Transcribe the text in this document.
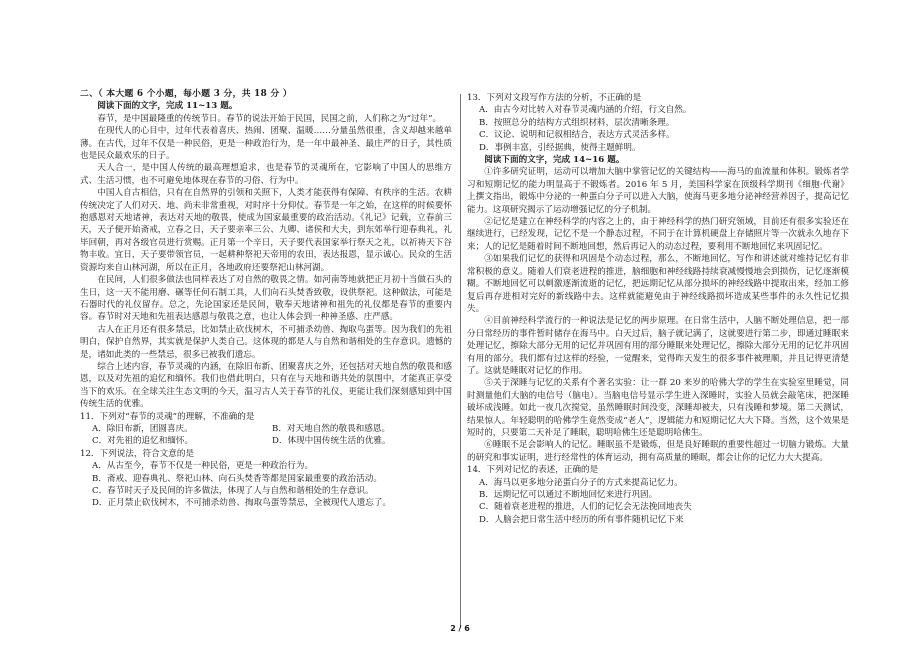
二、（ 本大题 6 个小题，每小题 3 分，共 18 分 ）

阅读下面的文字，完成 11~13 题。

春节，是中国最隆重的传统节日。春节的说法开始于民国，民国之前，人们称之为“过年”。

在现代人的心目中，过年代表着喜庆、热闹、团聚、温暖……分量虽然很重，含义却越来越单薄。在古代，过年不仅是一种民俗，更是一种政治行为，是一年中最神圣、最庄严的日子，其性质也是民众最欢乐的日子。

天人合一，是中国人传统的最高理想追求，也是春节的灵魂所在，它影响了中国人的思维方式、生活习惯，也不可避免地体现在春节的习俗、行为中。

中国人自古相信，只有在自然界的引领和关照下，人类才能获得有保障、有秩序的生活。农耕传统决定了人们对天、地、尚未非常重视，对时序十分仰仗。春节是一年之始，在这样的时候要怀抱感恩对天地诸神，表达对天地的敬畏，使成为国家最重要的政治活动。《礼记》记载，立春前三天，天子便开始斋戒，立春之日，天子要亲率三公、九卿、诸侯和大夫，到东郊举行迎春典礼，礼毕回朝，再对各级官员进行赏赐。正月第一个辛日，天子要代表国家举行祭天之礼，以祈祷天下谷物丰收。宜日，天子要带领官员，一起耕种祭祀天帝用的农田，表达报恩，显示诚心。民众的生活资源均来自山林河湖，所以在正月，各地政府还要祭祀山林河湖。

在民间，人们很多做法也同样表达了对自然的敬畏之情。如河南等地就把正月初十当做石头的生日，这一天不能用磨、碾等任何石制工具，人们向石头焚香致敬，设供祭祀。这种做法，可能是石器时代的礼仪留存。总之，先论国家还是民间，敬奉天地诸神和祖先的礼仪都是春节的重要内容。春节时对天地和先祖表达感恩与敬畏之意，也让人体会到一种神圣感、庄严感。

古人在正月还有很多禁忌，比如禁止砍伐树木，不可捕杀幼兽、掏取鸟蛋等。因为我们的先祖明白，保护自然界，其实就是保护人类自己。这体现的都是人与自然和谐相处的生存意识。遗憾的是，诸如此类的一些禁忌，很多已被我们遗忘。

综合上述内容，春节灵魂的内涵，在除旧布新、团聚喜庆之外，还包括对天地自然的敬畏和感恩，以及对先祖的追忆和缅怀。我们也借此明白，只有在与天地和谐共处的氛围中，才能真正享受当下的欢乐。在全球关注生态文明的今天，温习古人关于春节的礼仪，更能让我们深刻感知到中国传统生活的优雅。

11．下列对“春节的灵魂”的理解，不准确的是

A．除旧布新，团圆喜庆。	B．对天地自然的敬畏和感恩。
C．对先祖的追忆和缅怀。	D．体现中国传统生活的优雅。

12．下列说法，符合文意的是

A．从古至今，春节不仅是一种民俗，更是一种政治行为。

B．斋戒、迎春典礼、祭祀山林、向石头焚香等都是国家最重要的政治活动。

C．春节时天子及民间的许多做法，体现了人与自然和谐相处的生存意识。

D．正月禁止砍伐树木，不可捕杀幼兽、掏取鸟蛋等禁忌，全被现代人遗忘了。

13．下列对文段写作方法的分析，不正确的是

A．由古今对比转入对春节灵魂内涵的介绍，行文自然。

B．按照总分的结构方式组织材料，层次清晰条理。

C．议论、说明和记叙相结合，表达方式灵活多样。

D．事例丰富，引经据典，使得主题鲜明。

阅读下面的文字，完成 14~16 题。

①许多研究证明，运动可以增加大脑中掌管记忆的关键结构——海马的血流量和体积。锻炼者学习和短期记忆的能力明显高于不锻炼者。2016 年 5 月，美国科学家在顶级科学期刊《细胞·代谢》上撰文指出，锻炼中分泌的一种蛋白分子可以进入大脑，使海马更多地分泌神经营养因子，提高记忆能力。这项研究揭示了运动增强记忆的分子机制。

②记忆是建立在神经科学的内容之上的，由于神经科学的热门研究领域，目前还有很多实验还在继续进行，已经发现，记忆不是一个静态过程，不同于在计算机硬盘上存储照片等一次就永久地存下来；人的记忆是随着时间不断地回想，然后再记入的动态过程，要利用不断地回忆来巩固记忆。

③如果我们记忆的获得和巩固是个动态过程，那么，不断地回忆，写作和讲述就对维持记忆有非常积极的意义。随着人们衰老进程的推进，脑细胞和神经线路持续衰减慢慢地会到损伤，记忆逐渐模糊。不断地回忆可以刺激逐渐流逝的记忆，把远期记忆从部分损坏的神经线路中提取出来，经加工修复后再存进相对完好的新线路中去。这样就能避免由于神经线路损坏造成某些事件的永久性记忆损失。

④目前神经科学流行的一种说法是记忆的两步原理。在日常生活中，人脑不断处理信息，把一部分日常经历的事件暂时储存在海马中。白天过后，脑子就记满了，这就要进行第二步，即通过睡眠来处理记忆，擦除大部分无用的记忆并巩固有用的部分睡眠来处理记忆，擦除大部分无用的记忆并巩固有用的部分。我们都有过这样的经验，一觉醒来，觉得昨天发生的很多事件被理顺，并且记得更清楚了。这就是睡眠对记忆的作用。

⑤关于深睡与记忆的关系有个著名实验：让一群 20 来岁的哈佛大学的学生在实验室里睡觉，同时测量他们大脑的电信号（脑电）。当脑电信号显示学生进入深睡时，实验人员就会敲笔床，把深睡破坏成浅睡。如此一夜几次搅觉，虽然睡眠时间没变，深睡却被夫，只有浅睡和梦境。第二天测试，结果惊人。年轻聪明的哈佛学生竟然变成“老人”，逻辑能力和短期记忆大大下降。当然，这个效果是短时的，只要第二天补足了睡眠，聪明哈佛生还是聪明哈佛生。

⑥睡眠不足会影响人的记忆。睡眠虽不是锻炼，但是良好睡眠的重要性超过一切脑力锻炼。大量的研究和事实证明，进行经常性的体育运动，拥有高质量的睡眠，都会让你的记忆力大大提高。

14．下列对记忆的表述，正确的是

A．海马以更多地分泌蛋白分子的方式来提高记忆力。

B．远期记忆可以通过不断地回忆来进行巩固。

C．随着衰老进程的推进，人们的记忆会无法挽回地丧失

D．人脑会把日常生活中经历的所有事件随机记忆下来

2 / 6
